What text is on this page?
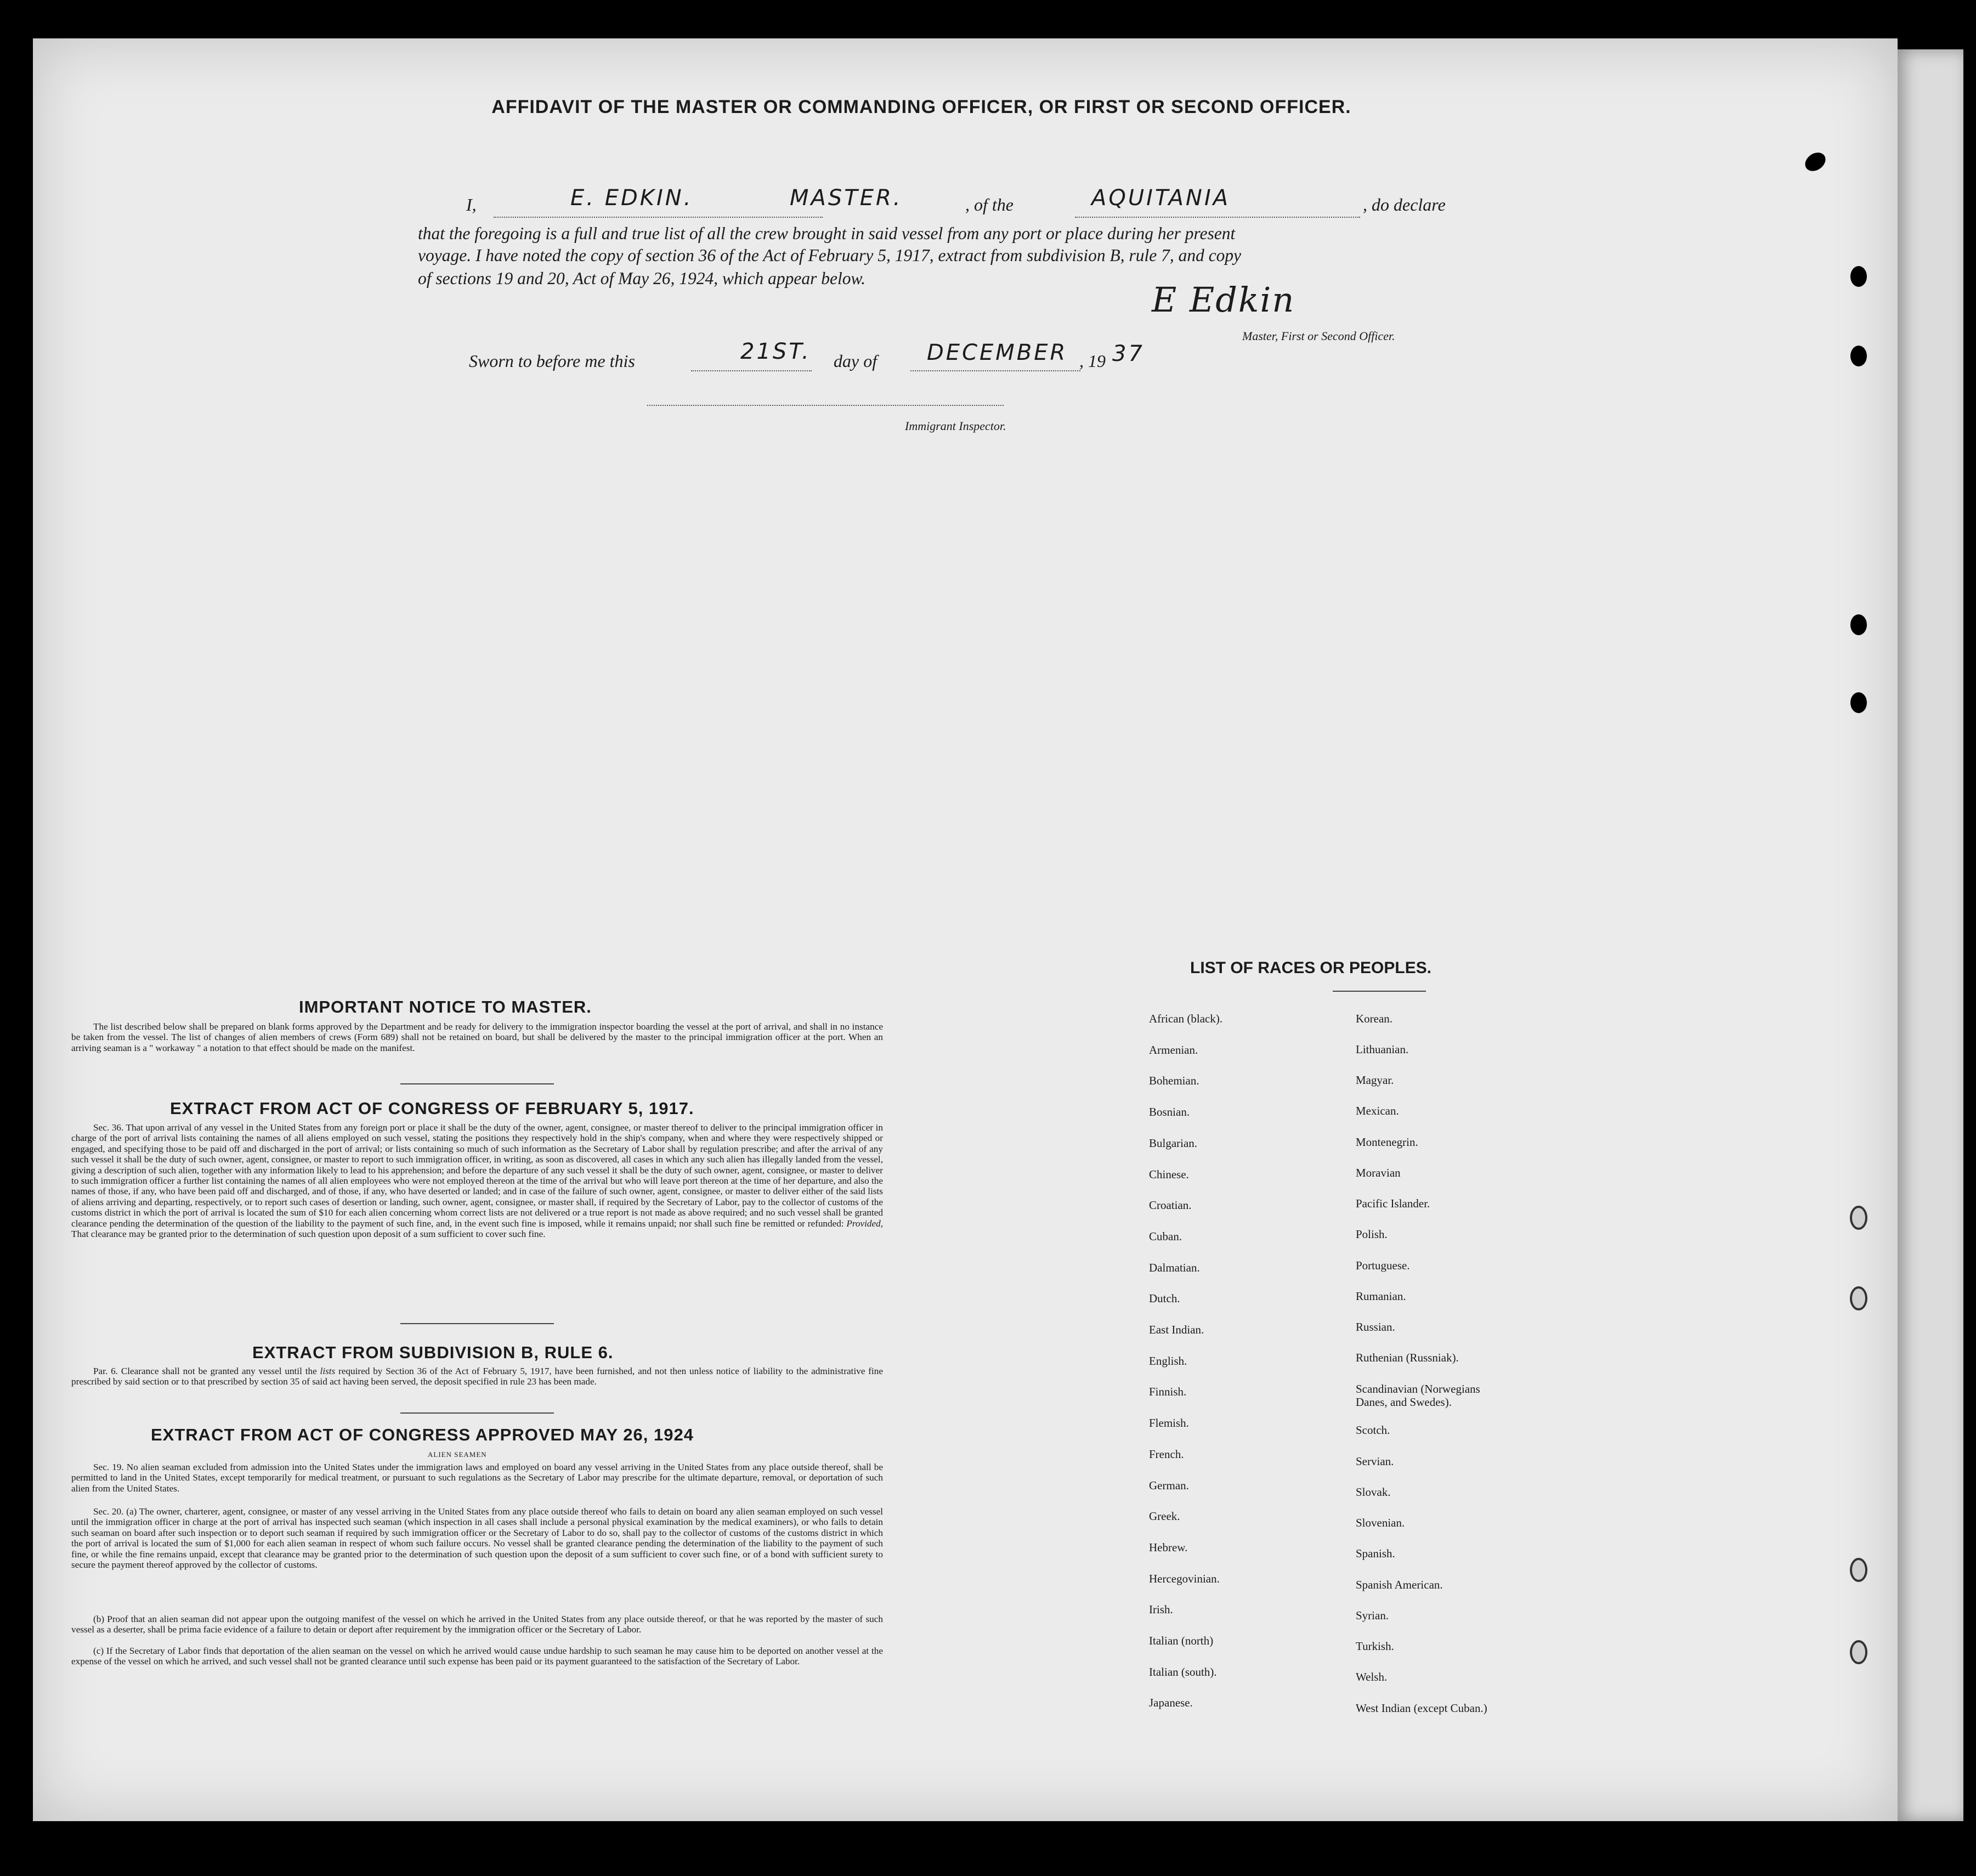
AFFIDAVIT OF THE MASTER OR COMMANDING OFFICER, OR FIRST OR SECOND OFFICER.
I,	E. EDKIN.	MASTER.	, of the	AQUITANIA	, do declare
that the foregoing is a full and true list of all the crew brought in said vessel from any port or place during her present
voyage. I have noted the copy of section 36 of the Act of February 5, 1917, extract from subdivision B, rule 7, and copy
of sections 19 and 20, Act of May 26, 1924, which appear below.
E Edkin
Master, First or Second Officer.
Sworn to before me this	21ST. day of DECEMBER , 19 37
Immigrant Inspector.
IMPORTANT NOTICE TO MASTER.
The list described below shall be prepared on blank forms approved by the Department and be ready for delivery to the immigration inspector boarding the vessel at the port of arrival, and shall in no instance be taken from the vessel. The list of changes of alien members of crews (Form 689) shall not be retained on board, but shall be delivered by the master to the principal immigration officer at the port. When an arriving seaman is a " workaway " a notation to that effect should be made on the manifest.
EXTRACT FROM ACT OF CONGRESS OF FEBRUARY 5, 1917.
Sec. 36. That upon arrival of any vessel in the United States from any foreign port or place it shall be the duty of the owner, agent, consignee, or master thereof to deliver to the principal immigration officer in charge of the port of arrival lists containing the names of all aliens employed on such vessel, stating the positions they respectively hold in the ship's company, when and where they were respectively shipped or engaged, and specifying those to be paid off and discharged in the port of arrival; or lists containing so much of such information as the Secretary of Labor shall by regulation prescribe; and after the arrival of any such vessel it shall be the duty of such owner, agent, consignee, or master to report to such immigration officer, in writing, as soon as discovered, all cases in which any such alien has illegally landed from the vessel, giving a description of such alien, together with any information likely to lead to his apprehension; and before the departure of any such vessel it shall be the duty of such owner, agent, consignee, or master to deliver to such immigration officer a further list containing the names of all alien employees who were not employed thereon at the time of the arrival but who will leave port thereon at the time of her departure, and also the names of those, if any, who have been paid off and discharged, and of those, if any, who have deserted or landed; and in case of the failure of such owner, agent, consignee, or master to deliver either of the said lists of aliens arriving and departing, respectively, or to report such cases of desertion or landing, such owner, agent, consignee, or master shall, if required by the Secretary of Labor, pay to the collector of customs of the customs district in which the port of arrival is located the sum of $10 for each alien concerning whom correct lists are not delivered or a true report is not made as above required; and no such vessel shall be granted clearance pending the determination of the question of the liability to the payment of such fine, and, in the event such fine is imposed, while it remains unpaid; nor shall such fine be remitted or refunded: Provided, That clearance may be granted prior to the determination of such question upon deposit of a sum sufficient to cover such fine.
EXTRACT FROM SUBDIVISION B, RULE 6.
Par. 6. Clearance shall not be granted any vessel until the lists required by Section 36 of the Act of February 5, 1917, have been furnished, and not then unless notice of liability to the administrative fine prescribed by said section or to that prescribed by section 35 of said act having been served, the deposit specified in rule 23 has been made.
EXTRACT FROM ACT OF CONGRESS APPROVED MAY 26, 1924
ALIEN SEAMEN
Sec. 19. No alien seaman excluded from admission into the United States under the immigration laws and employed on board any vessel arriving in the United States from any place outside thereof, shall be permitted to land in the United States, except temporarily for medical treatment, or pursuant to such regulations as the Secretary of Labor may prescribe for the ultimate departure, removal, or deportation of such alien from the United States.
Sec. 20. (a) The owner, charterer, agent, consignee, or master of any vessel arriving in the United States from any place outside thereof who fails to detain on board any alien seaman employed on such vessel until the immigration officer in charge at the port of arrival has inspected such seaman (which inspection in all cases shall include a personal physical examination by the medical examiners), or who fails to detain such seaman on board after such inspection or to deport such seaman if required by such immigration officer or the Secretary of Labor to do so, shall pay to the collector of customs of the customs district in which the port of arrival is located the sum of $1,000 for each alien seaman in respect of whom such failure occurs. No vessel shall be granted clearance pending the determination of the liability to the payment of such fine, or while the fine remains unpaid, except that clearance may be granted prior to the determination of such question upon the deposit of a sum sufficient to cover such fine, or of a bond with sufficient surety to secure the payment thereof approved by the collector of customs.
(b) Proof that an alien seaman did not appear upon the outgoing manifest of the vessel on which he arrived in the United States from any place outside thereof, or that he was reported by the master of such vessel as a deserter, shall be prima facie evidence of a failure to detain or deport after requirement by the immigration officer or the Secretary of Labor.
(c) If the Secretary of Labor finds that deportation of the alien seaman on the vessel on which he arrived would cause undue hardship to such seaman he may cause him to be deported on another vessel at the expense of the vessel on which he arrived, and such vessel shall not be granted clearance until such expense has been paid or its payment guaranteed to the satisfaction of the Secretary of Labor.
LIST OF RACES OR PEOPLES.
African (black).
Armenian.
Bohemian.
Bosnian.
Bulgarian.
Chinese.
Croatian.
Cuban.
Dalmatian.
Dutch.
East Indian.
English.
Finnish.
Flemish.
French.
German.
Greek.
Hebrew.
Hercegovinian.
Irish.
Italian (north)
Italian (south).
Japanese.
Korean.
Lithuanian.
Magyar.
Mexican.
Montenegrin.
Moravian
Pacific Islander.
Polish.
Portuguese.
Rumanian.
Russian.
Ruthenian (Russniak).
Scandinavian (Norwegians
Danes, and Swedes).
Scotch.
Servian.
Slovak.
Slovenian.
Spanish.
Spanish American.
Syrian.
Turkish.
Welsh.
West Indian (except Cuban.)
